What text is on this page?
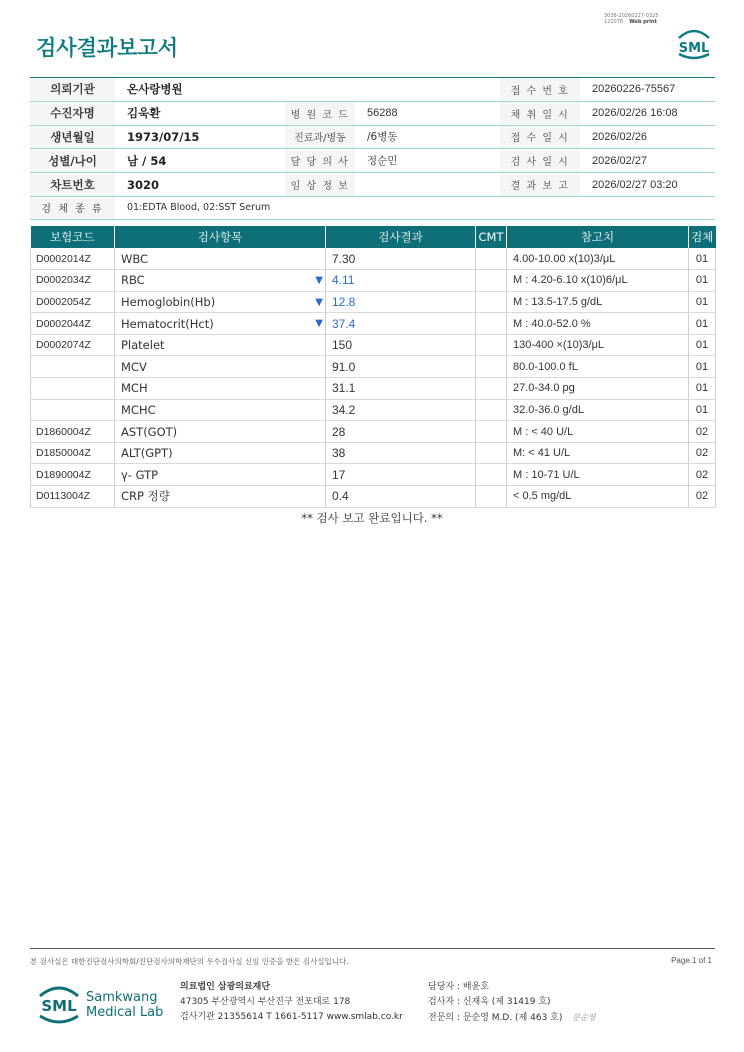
3038-20260227-0325
121076 Web print
검사결과보고서	SML
의뢰기관	온사랑병원			접 수 번 호	20260226-75567
수진자명	김욱환	병 원 코 드	56288	채 취 일 시	2026/02/26 16:08
생년월일	1973/07/15	진료과/병동	/6병동	접 수 일 시	2026/02/26
성별/나이	남 / 54	담 당 의 사	정순민	검 사 일 시	2026/02/27
차트번호	3020	임 상 정 보		결 과 보 고	2026/02/27 03:20
검 체 종 류	01:EDTA Blood, 02:SST Serum				
보험코드	검사항목	검사결과	CMT	참고치	검체
D0002014Z	WBC	7.30		4.00-10.00 x(10)3/μL	01
D0002034Z	RBC ▼	4.11		M : 4.20-6.10 x(10)6/μL	01
D0002054Z	Hemoglobin(Hb) ▼	12.8		M : 13.5-17.5 g/dL	01
D0002044Z	Hematocrit(Hct) ▼	37.4		M : 40.0-52.0 %	01
D0002074Z	Platelet	150		130-400 ×(10)3/μL	01
	MCV	91.0		80.0-100.0 fL	01
	MCH	31.1		27.0-34.0 pg	01
	MCHC	34.2		32.0-36.0 g/dL	01
D1860004Z	AST(GOT)	28		M : < 40 U/L	02
D1850004Z	ALT(GPT)	38		M: < 41 U/L	02
D1890004Z	γ- GTP	17		M : 10-71 U/L	02
D0113004Z	CRP 정량	0.4		< 0.5 mg/dL	02
** 검사 보고 완료입니다. **
본 검사실은 대한진단검사의학회/진단검사의학재단의 우수검사실 신임 인증을 받은 검사실입니다.	Page 1 of 1
SML Samkwang
Medical Lab
의료법인 삼광의료재단
47305 부산광역시 부산진구 전포대로 178
검사기관 21355614 T 1661-5117 www.smlab.co.kr
담당자 : 배윤호
검사자 : 신재옥 (제 31419 호)
전문의 : 문순영 M.D. (제 463 호) 문순영
